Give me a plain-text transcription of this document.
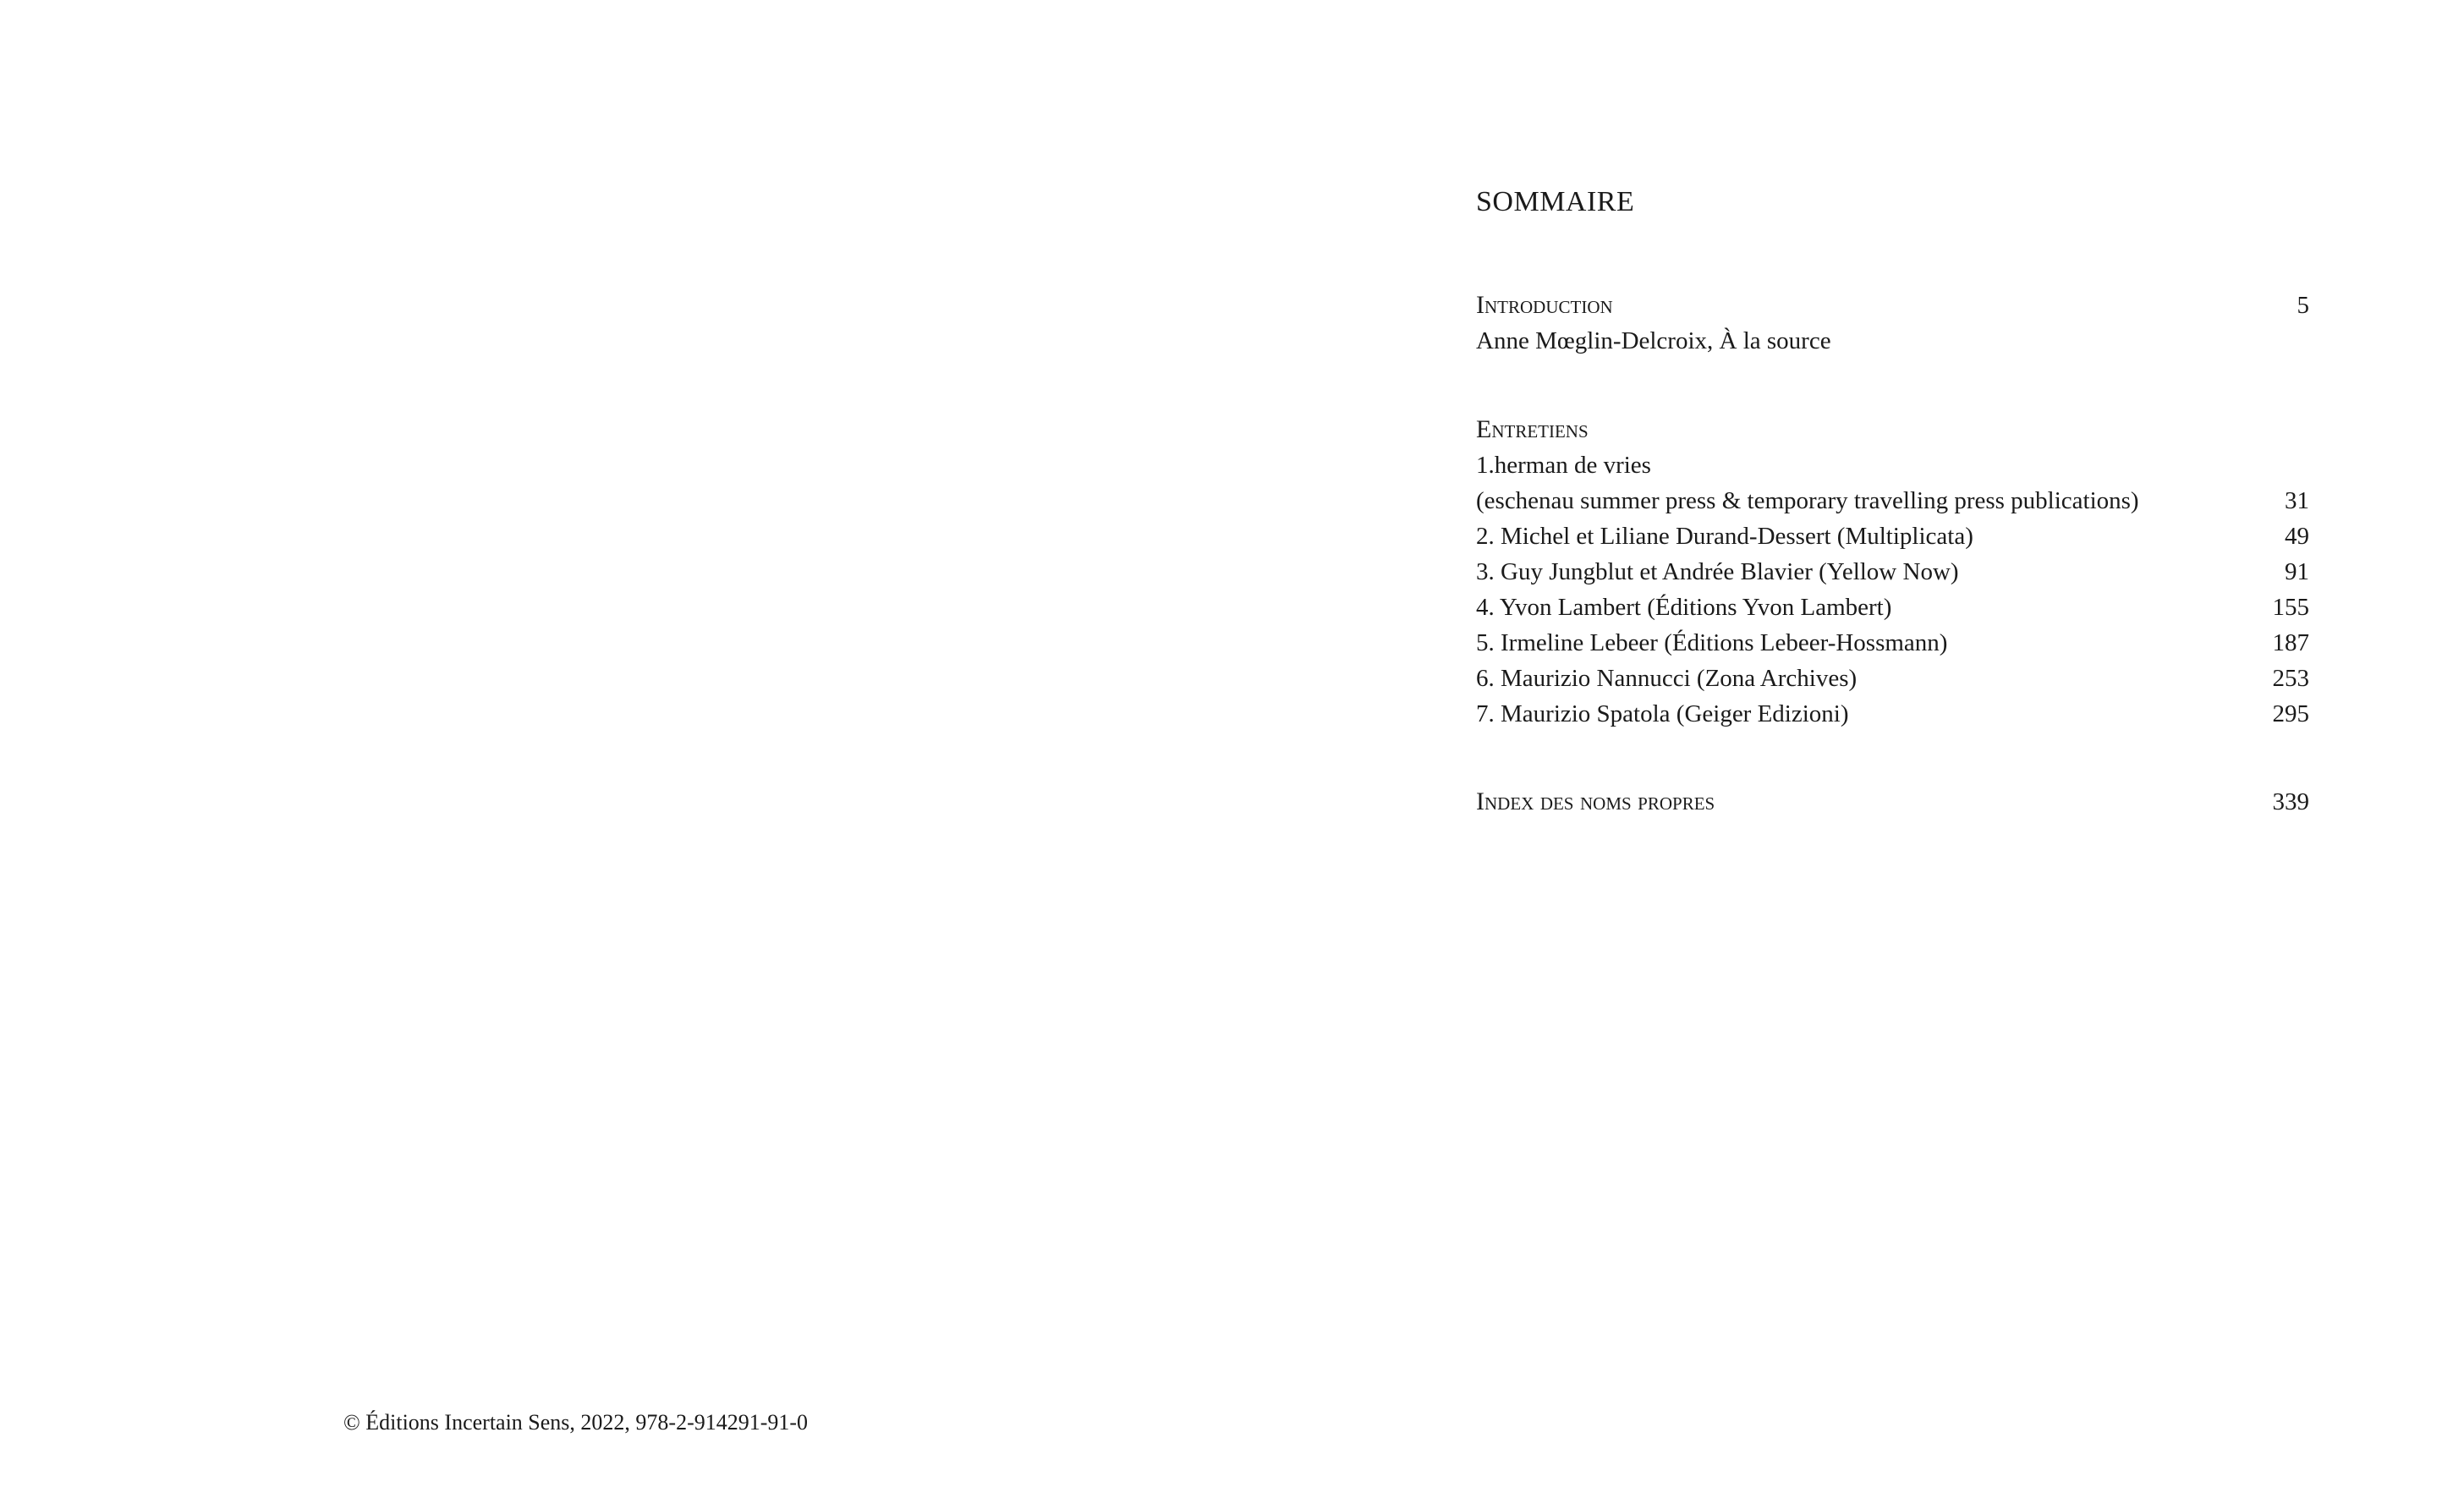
SOMMAIRE
Introduction	5
Anne Mœglin-Delcroix, À la source
Entretiens
1.herman de vries
(eschenau summer press & temporary travelling press publications)	31
2. Michel et Liliane Durand-Dessert (Multiplicata)	49
3. Guy Jungblut et Andrée Blavier (Yellow Now)	91
4. Yvon Lambert (Éditions Yvon Lambert)	155
5. Irmeline Lebeer (Éditions Lebeer-Hossmann)	187
6. Maurizio Nannucci (Zona Archives)	253
7. Maurizio Spatola (Geiger Edizioni)	295
Index des noms propres	339
© Éditions Incertain Sens, 2022, 978-2-914291-91-0
